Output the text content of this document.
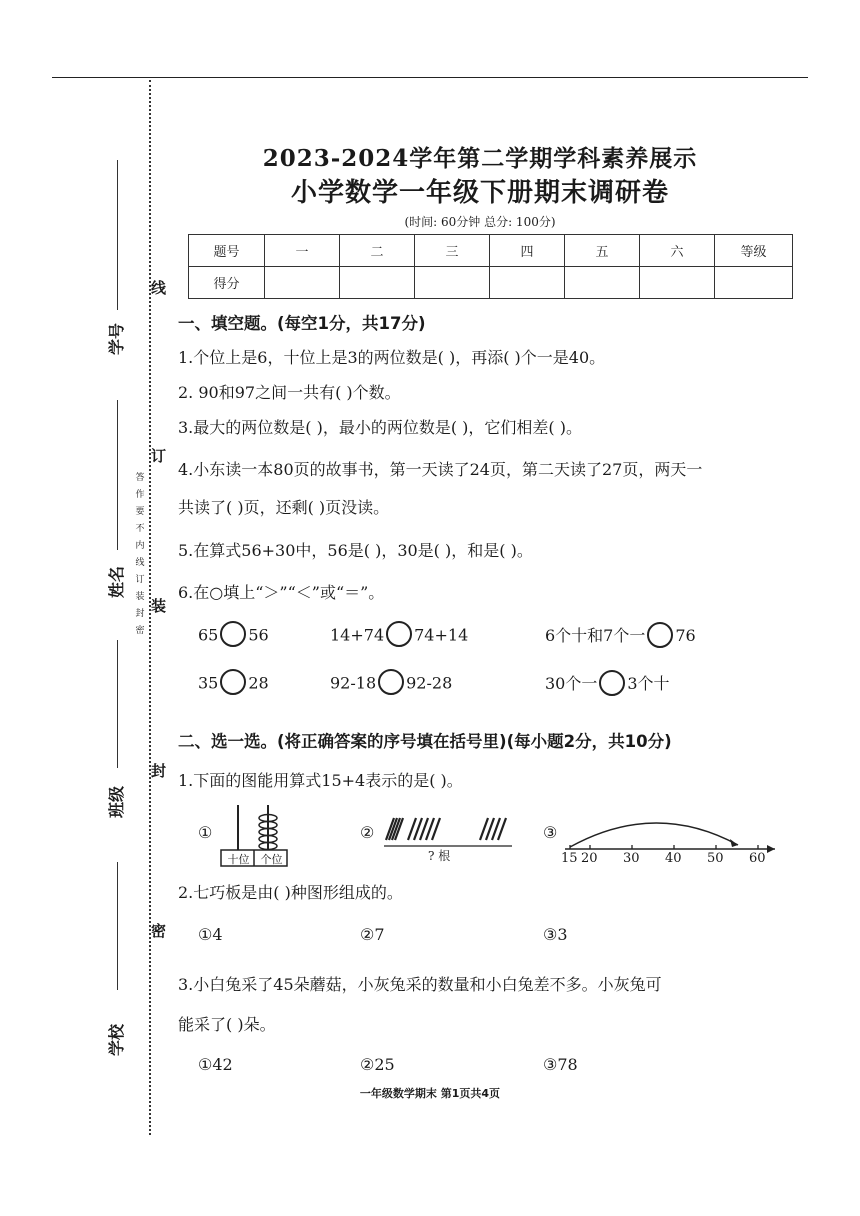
学号
姓名
班级
学校
线
订
装
封
密
答
作
要
不
内
线
订
装
封
密
2023-2024学年第二学期学科素养展示
小学数学一年级下册期末调研卷
(时间: 60分钟 总分: 100分)
题号	一	二	三	四	五	六	等级
得分							
一、填空题。(每空1分，共17分)
1.个位上是6，十位上是3的两位数是( )，再添( )个一是40。
2. 90和97之间一共有( )个数。
3.最大的两位数是( )，最小的两位数是( )，它们相差( )。
4.小东读一本80页的故事书，第一天读了24页，第二天读了27页，两天一
共读了( )页，还剩( )页没读。
5.在算式56+30中，56是( )，30是( )，和是( )。
6.在○填上“＞”“＜”或“＝”。
65 56	14+74 74+14	6个十和7个一 76
35 28	92-18 92-28	30个一 3个十
二、选一选。(将正确答案的序号填在括号里)(每小题2分，共10分)
1.下面的图能用算式15+4表示的是( )。
①
十位	个位
②
? 根
③
15 20 30 40 50 60
2.七巧板是由( )种图形组成的。
①4	②7	③3
3.小白兔采了45朵蘑菇，小灰兔采的数量和小白兔差不多。小灰兔可
能采了( )朵。
①42	②25	③78
一年级数学期末 第1页共4页
